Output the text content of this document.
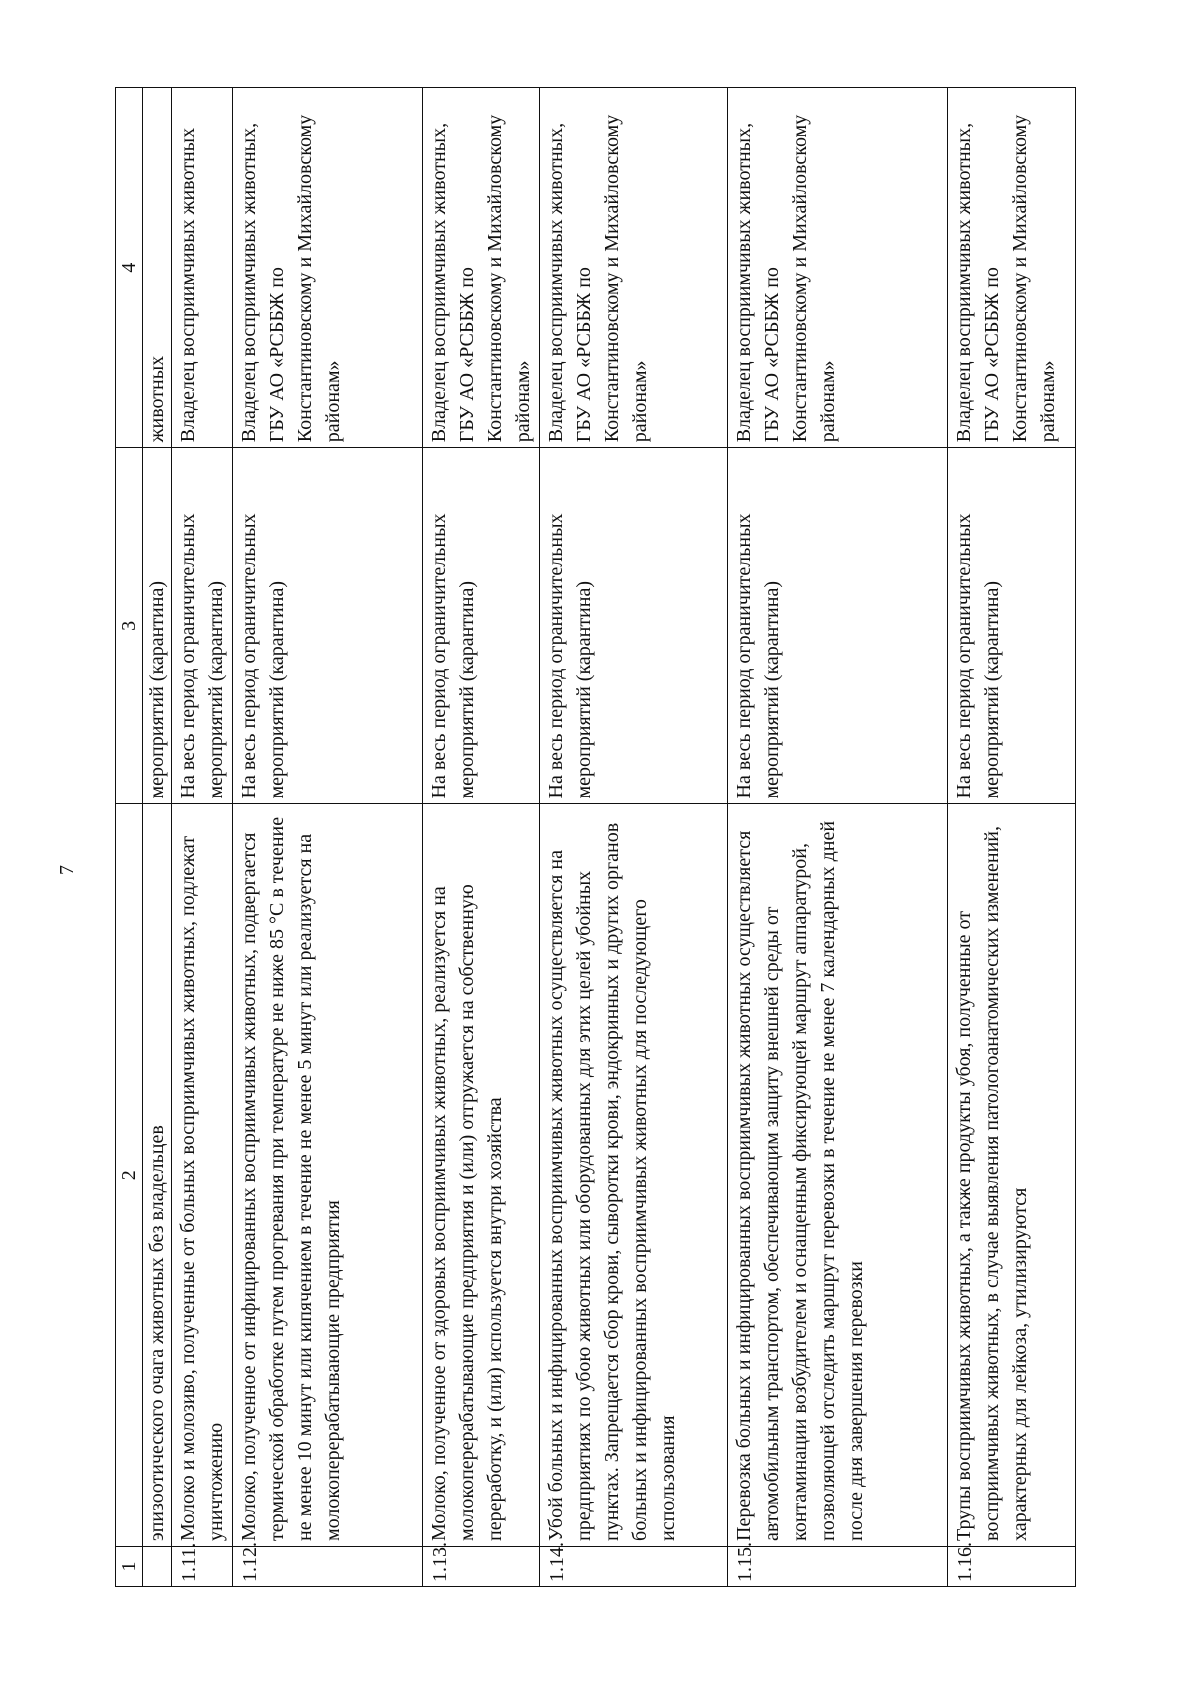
7
1	2	3	4
	эпизоотического очага животных без владельцев	мероприятий (карантина)	животных
1.11.	Молоко и молозиво, полученные от больных восприимчивых животных, подлежат уничтожению	На весь период ограничительных мероприятий (карантина)	Владелец восприимчивых животных
1.12.	Молоко, полученное от инфицированных восприимчивых животных, подвергается термической обработке путем прогревания при температуре не ниже 85 °С в течение не менее 10 минут или кипячением в течение не менее 5 минут или реализуется на молокоперерабатывающие предприятия	На весь период ограничительных мероприятий (карантина)	Владелец восприимчивых животных, ГБУ АО «РСББЖ по Константиновскому и Михайловскому районам»
1.13.	Молоко, полученное от здоровых восприимчивых животных, реализуется на молокоперерабатывающие предприятия и (или) отгружается на собственную переработку, и (или) используется внутри хозяйства	На весь период ограничительных мероприятий (карантина)	Владелец восприимчивых животных, ГБУ АО «РСББЖ по Константиновскому и Михайловскому районам»
1.14.	Убой больных и инфицированных восприимчивых животных осуществляется на предприятиях по убою животных или оборудованных для этих целей убойных пунктах. Запрещается сбор крови, сыворотки крови, эндокринных и других органов больных и инфицированных восприимчивых животных для последующего использования	На весь период ограничительных мероприятий (карантина)	Владелец восприимчивых животных, ГБУ АО «РСББЖ по Константиновскому и Михайловскому районам»
1.15.	Перевозка больных и инфицированных восприимчивых животных осуществляется автомобильным транспортом, обеспечивающим защиту внешней среды от контаминации возбудителем и оснащенным фиксирующей маршрут аппаратурой, позволяющей отследить маршрут перевозки в течение не менее 7 календарных дней после дня завершения перевозки	На весь период ограничительных мероприятий (карантина)	Владелец восприимчивых животных, ГБУ АО «РСББЖ по Константиновскому и Михайловскому районам»
1.16.	Трупы восприимчивых животных, а также продукты убоя, полученные от восприимчивых животных, в случае выявления патологоанатомических изменений, характерных для лейкоза, утилизируются	На весь период ограничительных мероприятий (карантина)	Владелец восприимчивых животных, ГБУ АО «РСББЖ по Константиновскому и Михайловскому районам»
